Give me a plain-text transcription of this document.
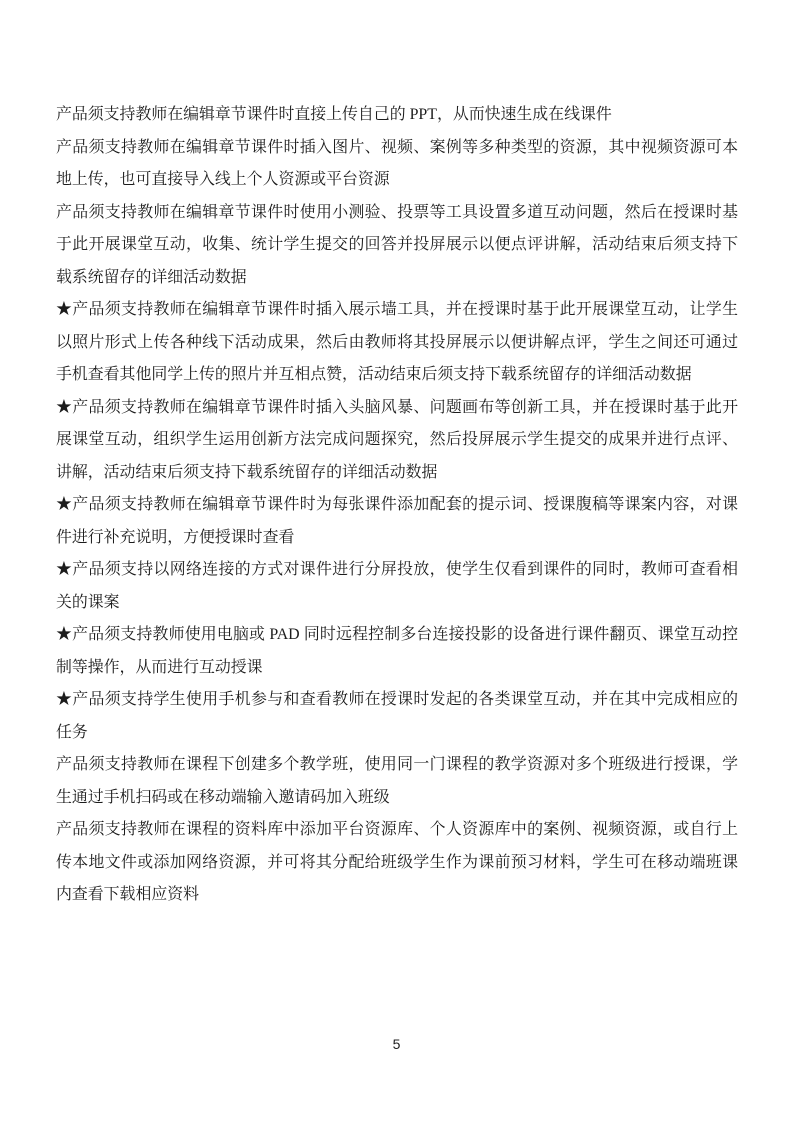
产品须支持教师在编辑章节课件时直接上传自己的 PPT，从而快速生成在线课件

产品须支持教师在编辑章节课件时插入图片、视频、案例等多种类型的资源，其中视频资源可本地上传，也可直接导入线上个人资源或平台资源

产品须支持教师在编辑章节课件时使用小测验、投票等工具设置多道互动问题，然后在授课时基于此开展课堂互动，收集、统计学生提交的回答并投屏展示以便点评讲解，活动结束后须支持下载系统留存的详细活动数据

★产品须支持教师在编辑章节课件时插入展示墙工具，并在授课时基于此开展课堂互动，让学生以照片形式上传各种线下活动成果，然后由教师将其投屏展示以便讲解点评，学生之间还可通过手机查看其他同学上传的照片并互相点赞，活动结束后须支持下载系统留存的详细活动数据

★产品须支持教师在编辑章节课件时插入头脑风暴、问题画布等创新工具，并在授课时基于此开展课堂互动，组织学生运用创新方法完成问题探究，然后投屏展示学生提交的成果并进行点评、讲解，活动结束后须支持下载系统留存的详细活动数据

★产品须支持教师在编辑章节课件时为每张课件添加配套的提示词、授课腹稿等课案内容，对课件进行补充说明，方便授课时查看

★产品须支持以网络连接的方式对课件进行分屏投放，使学生仅看到课件的同时，教师可查看相关的课案

★产品须支持教师使用电脑或 PAD 同时远程控制多台连接投影的设备进行课件翻页、课堂互动控制等操作，从而进行互动授课

★产品须支持学生使用手机参与和查看教师在授课时发起的各类课堂互动，并在其中完成相应的任务

产品须支持教师在课程下创建多个教学班，使用同一门课程的教学资源对多个班级进行授课，学生通过手机扫码或在移动端输入邀请码加入班级

产品须支持教师在课程的资料库中添加平台资源库、个人资源库中的案例、视频资源，或自行上传本地文件或添加网络资源，并可将其分配给班级学生作为课前预习材料，学生可在移动端班课内查看下载相应资料

5
